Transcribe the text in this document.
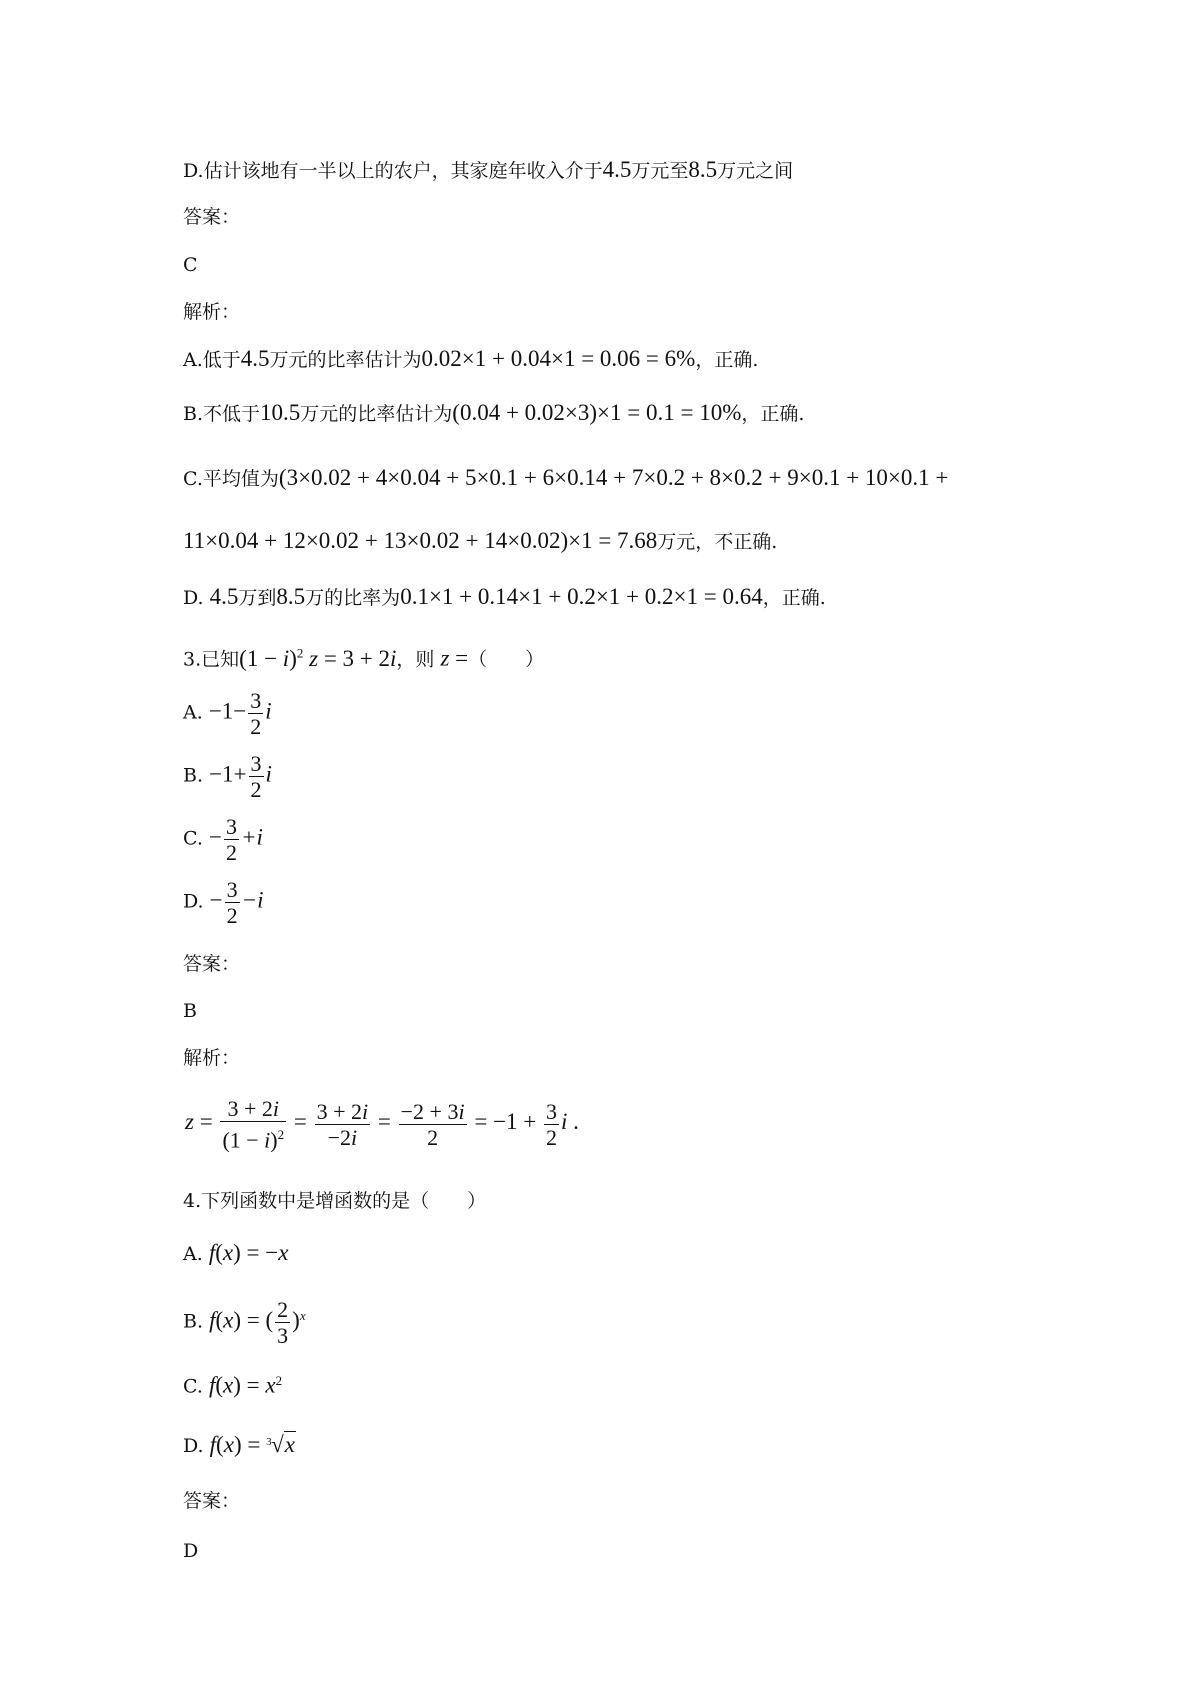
D.估计该地有一半以上的农户，其家庭年收入介于4.5万元至8.5万元之间
答案：
C
解析：
A.低于4.5万元的比率估计为0.02×1 + 0.04×1 = 0.06 = 6%，正确.
B.不低于10.5万元的比率估计为(0.04 + 0.02×3)×1 = 0.1 = 10%，正确.
C.平均值为(3×0.02 + 4×0.04 + 5×0.1 + 6×0.14 + 7×0.2 + 8×0.2 + 9×0.1 + 10×0.1 +
11×0.04 + 12×0.02 + 13×0.02 + 14×0.02)×1 = 7.68万元，不正确.
D. 4.5万到8.5万的比率为0.1×1 + 0.14×1 + 0.2×1 + 0.2×1 = 0.64，正确.
3.已知$(1 - i)^2$ z = 3 + 2i，则 z =（　　）
A. $-1- \frac{3}{2}$ i
B. $-1+ \frac{3}{2}$ i
C. − $\frac{3}{2} +i$
D. − $\frac{3}{2} -i$
答案：
B
解析：
$z = \frac{3 + 2i}{(1 - i)^2} = \frac{3 + 2i}{-2i} = \frac{-2 + 3i}{2} = -1 + \frac{3}{2}$ i .
4.下列函数中是增函数的是（　　）
A. f(x) = −x
B. f(x) = ( $\frac{2}{3} )^x$
C. $f(x) = x^2$
D. f(x) = 3 √x
答案：
D
